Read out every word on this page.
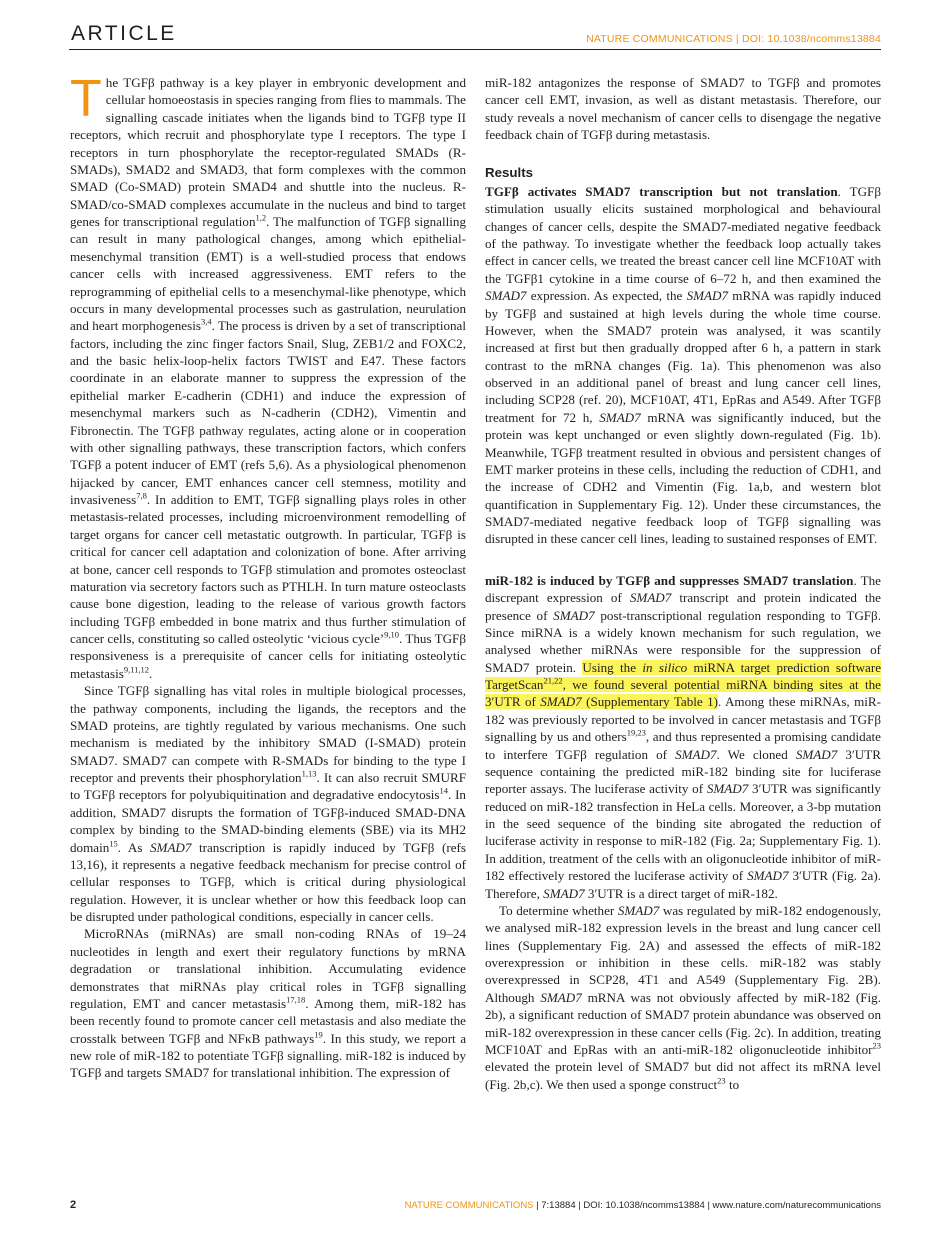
ARTICLE	NATURE COMMUNICATIONS | DOI: 10.1038/ncomms13884

The TGFβ pathway is a key player in embryonic development and cellular homoeostasis in species ranging from flies to mammals. The signalling cascade initiates when the ligands bind to TGFβ type II receptors, which recruit and phosphorylate type I receptors. The type I receptors in turn phosphorylate the receptor-regulated SMADs (R-SMADs), SMAD2 and SMAD3, that form complexes with the common SMAD (Co-SMAD) protein SMAD4 and shuttle into the nucleus. R-SMAD/co-SMAD complexes accumulate in the nucleus and bind to target genes for transcriptional regulation$^{1,2}$. The malfunction of TGFβ signalling can result in many pathological changes, among which epithelial-mesenchymal transition (EMT) is a well-studied process that endows cancer cells with increased aggressiveness. EMT refers to the reprogramming of epithelial cells to a mesenchymal-like phenotype, which occurs in many developmental processes such as gastrulation, neurulation and heart morphogenesis$^{3,4}$. The process is driven by a set of transcriptional factors, including the zinc finger factors Snail, Slug, ZEB1/2 and FOXC2, and the basic helix-loop-helix factors TWIST and E47. These factors coordinate in an elaborate manner to suppress the expression of the epithelial marker E-cadherin (CDH1) and induce the expression of mesenchymal markers such as N-cadherin (CDH2), Vimentin and Fibronectin. The TGFβ pathway regulates, acting alone or in cooperation with other signalling pathways, these transcription factors, which confers TGFβ a potent inducer of EMT (refs 5,6). As a physiological phenomenon hijacked by cancer, EMT enhances cancer cell stemness, motility and invasiveness$^{7,8}$. In addition to EMT, TGFβ signalling plays roles in other metastasis-related processes, including microenvironment remodelling of target organs for cancer cell metastatic outgrowth. In particular, TGFβ is critical for cancer cell adaptation and colonization of bone. After arriving at bone, cancer cell responds to TGFβ stimulation and promotes osteoclast maturation via secretory factors such as PTHLH. In turn mature osteoclasts cause bone digestion, leading to the release of various growth factors including TGFβ embedded in bone matrix and thus further stimulation of cancer cells, constituting so called osteolytic ‘vicious cycle’$^{9,10}$. Thus TGFβ responsiveness is a prerequisite of cancer cells for initiating osteolytic metastasis$^{9,11,12}$.

Since TGFβ signalling has vital roles in multiple biological processes, the pathway components, including the ligands, the receptors and the SMAD proteins, are tightly regulated by various mechanisms. One such mechanism is mediated by the inhibitory SMAD (I-SMAD) protein SMAD7. SMAD7 can compete with R-SMADs for binding to the type I receptor and prevents their phosphorylation$^{1,13}$. It can also recruit SMURF to TGFβ receptors for polyubiquitination and degradative endocytosis$^{14}$. In addition, SMAD7 disrupts the formation of TGFβ-induced SMAD-DNA complex by binding to the SMAD-binding elements (SBE) via its MH2 domain$^{15}$. As SMAD7 transcription is rapidly induced by TGFβ (refs 13,16), it represents a negative feedback mechanism for precise control of cellular responses to TGFβ, which is critical during physiological regulation. However, it is unclear whether or how this feedback loop can be disrupted under pathological conditions, especially in cancer cells.

MicroRNAs (miRNAs) are small non-coding RNAs of 19–24 nucleotides in length and exert their regulatory functions by mRNA degradation or translational inhibition. Accumulating evidence demonstrates that miRNAs play critical roles in TGFβ signalling regulation, EMT and cancer metastasis$^{17,18}$. Among them, miR-182 has been recently found to promote cancer cell metastasis and also mediate the crosstalk between TGFβ and NFκB pathways$^{19}$. In this study, we report a new role of miR-182 to potentiate TGFβ signalling. miR-182 is induced by TGFβ and targets SMAD7 for translational inhibition. The expression of

miR-182 antagonizes the response of SMAD7 to TGFβ and promotes cancer cell EMT, invasion, as well as distant metastasis. Therefore, our study reveals a novel mechanism of cancer cells to disengage the negative feedback chain of TGFβ during metastasis.

Results

TGFβ activates SMAD7 transcription but not translation. TGFβ stimulation usually elicits sustained morphological and behavioural changes of cancer cells, despite the SMAD7-mediated negative feedback of the pathway. To investigate whether the feedback loop actually takes effect in cancer cells, we treated the breast cancer cell line MCF10AT with the TGFβ1 cytokine in a time course of 6–72 h, and then examined the SMAD7 expression. As expected, the SMAD7 mRNA was rapidly induced by TGFβ and sustained at high levels during the whole time course. However, when the SMAD7 protein was analysed, it was scantily increased at first but then gradually dropped after 6 h, a pattern in stark contrast to the mRNA changes (Fig. 1a). This phenomenon was also observed in an additional panel of breast and lung cancer cell lines, including SCP28 (ref. 20), MCF10AT, 4T1, EpRas and A549. After TGFβ treatment for 72 h, SMAD7 mRNA was significantly induced, but the protein was kept unchanged or even slightly down-regulated (Fig. 1b). Meanwhile, TGFβ treatment resulted in obvious and persistent changes of EMT marker proteins in these cells, including the reduction of CDH1, and the increase of CDH2 and Vimentin (Fig. 1a,b, and western blot quantification in Supplementary Fig. 12). Under these circumstances, the SMAD7-mediated negative feedback loop of TGFβ signalling was disrupted in these cancer cell lines, leading to sustained responses of EMT.

miR-182 is induced by TGFβ and suppresses SMAD7 translation. The discrepant expression of SMAD7 transcript and protein indicated the presence of SMAD7 post-transcriptional regulation responding to TGFβ. Since miRNA is a widely known mechanism for such regulation, we analysed whether miRNAs were responsible for the suppression of SMAD7 protein. Using the in silico miRNA target prediction software TargetScan$^{21,22}$, we found several potential miRNA binding sites at the 3′UTR of SMAD7 (Supplementary Table 1). Among these miRNAs, miR-182 was previously reported to be involved in cancer metastasis and TGFβ signalling by us and others$^{19,23}$, and thus represented a promising candidate to interfere TGFβ regulation of SMAD7. We cloned SMAD7 3′UTR sequence containing the predicted miR-182 binding site for luciferase reporter assays. The luciferase activity of SMAD7 3′UTR was significantly reduced on miR-182 transfection in HeLa cells. Moreover, a 3-bp mutation in the seed sequence of the binding site abrogated the reduction of luciferase activity in response to miR-182 (Fig. 2a; Supplementary Fig. 1). In addition, treatment of the cells with an oligonucleotide inhibitor of miR-182 effectively restored the luciferase activity of SMAD7 3′UTR (Fig. 2a). Therefore, SMAD7 3′UTR is a direct target of miR-182.

To determine whether SMAD7 was regulated by miR-182 endogenously, we analysed miR-182 expression levels in the breast and lung cancer cell lines (Supplementary Fig. 2A) and assessed the effects of miR-182 overexpression or inhibition in these cells. miR-182 was stably overexpressed in SCP28, 4T1 and A549 (Supplementary Fig. 2B). Although SMAD7 mRNA was not obviously affected by miR-182 (Fig. 2b), a significant reduction of SMAD7 protein abundance was observed on miR-182 overexpression in these cancer cells (Fig. 2c). In addition, treating MCF10AT and EpRas with an anti-miR-182 oligonucleotide inhibitor$^{23}$ elevated the protein level of SMAD7 but did not affect its mRNA level (Fig. 2b,c). We then used a sponge construct$^{23}$ to

2	NATURE COMMUNICATIONS | 7:13884 | DOI: 10.1038/ncomms13884 | www.nature.com/naturecommunications
